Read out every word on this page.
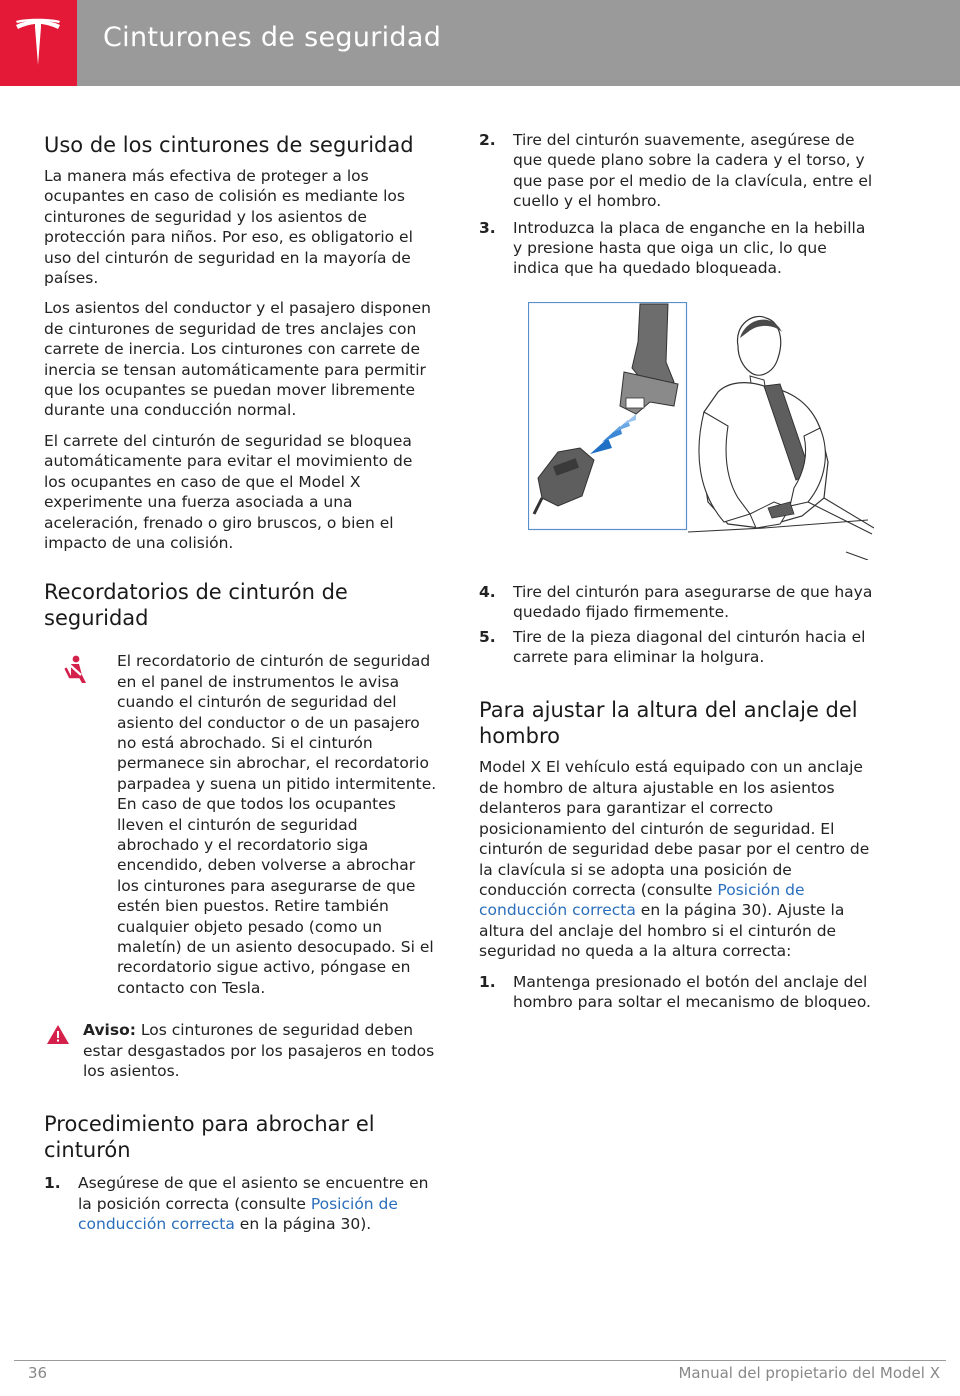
Cinturones de seguridad
Uso de los cinturones de seguridad

La manera más efectiva de proteger a los ocupantes en caso de colisión es mediante los cinturones de seguridad y los asientos de protección para niños. Por eso, es obligatorio el uso del cinturón de seguridad en la mayoría de países.

Los asientos del conductor y el pasajero disponen de cinturones de seguridad de tres anclajes con carrete de inercia. Los cinturones con carrete de inercia se tensan automáticamente para permitir que los ocupantes se puedan mover libremente durante una conducción normal.

El carrete del cinturón de seguridad se bloquea automáticamente para evitar el movimiento de los ocupantes en caso de que el Model X experimente una fuerza asociada a una aceleración, frenado o giro bruscos, o bien el impacto de una colisión.

Recordatorios de cinturón de seguridad

El recordatorio de cinturón de seguridad en el panel de instrumentos le avisa cuando el cinturón de seguridad del asiento del conductor o de un pasajero no está abrochado. Si el cinturón permanece sin abrochar, el recordatorio parpadea y suena un pitido intermitente. En caso de que todos los ocupantes lleven el cinturón de seguridad abrochado y el recordatorio siga encendido, deben volverse a abrochar los cinturones para asegurarse de que estén bien puestos. Retire también cualquier objeto pesado (como un maletín) de un asiento desocupado. Si el recordatorio sigue activo, póngase en contacto con Tesla.

Aviso: Los cinturones de seguridad deben estar desgastados por los pasajeros en todos los asientos.

Procedimiento para abrochar el cinturón
1. Asegúrese de que el asiento se encuentre en la posición correcta (consulte Posición de conducción correcta en la página 30).
2. Tire del cinturón suavemente, asegúrese de que quede plano sobre la cadera y el torso, y que pase por el medio de la clavícula, entre el cuello y el hombro.
3. Introduzca la placa de enganche en la hebilla y presione hasta que oiga un clic, lo que indica que ha quedado bloqueada.
4. Tire del cinturón para asegurarse de que haya quedado fijado firmemente.
5. Tire de la pieza diagonal del cinturón hacia el carrete para eliminar la holgura.
Para ajustar la altura del anclaje del hombro

Model X El vehículo está equipado con un anclaje de hombro de altura ajustable en los asientos delanteros para garantizar el correcto posicionamiento del cinturón de seguridad. El cinturón de seguridad debe pasar por el centro de la clavícula si se adopta una posición de conducción correcta (consulte Posición de conducción correcta en la página 30). Ajuste la altura del anclaje del hombro si el cinturón de seguridad no queda a la altura correcta:

1. Mantenga presionado el botón del anclaje del hombro para soltar el mecanismo de bloqueo.
36	Manual del propietario del Model X
